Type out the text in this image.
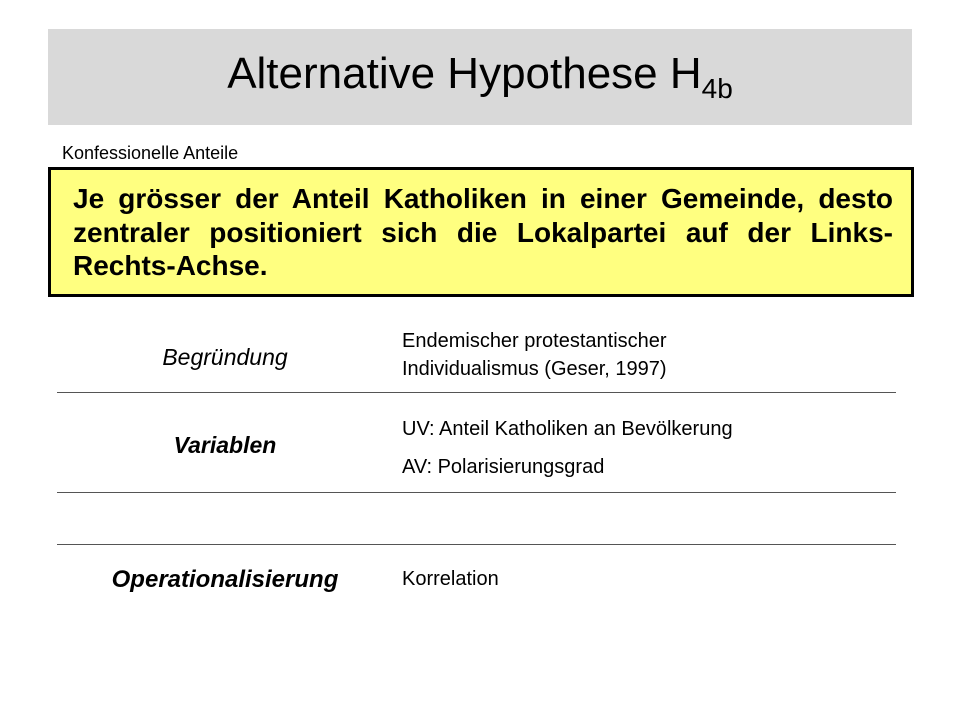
Alternative Hypothese $H_{4b}$
Konfessionelle Anteile
Je grösser der Anteil Katholiken in einer Gemeinde, desto zentraler positioniert sich die Lokalpartei auf der Links-Rechts-Achse.
Begründung
Endemischer protestantischer
Individualismus (Geser, 1997)
Variablen
UV: Anteil Katholiken an Bevölkerung
AV: Polarisierungsgrad
Operationalisierung	Korrelation
